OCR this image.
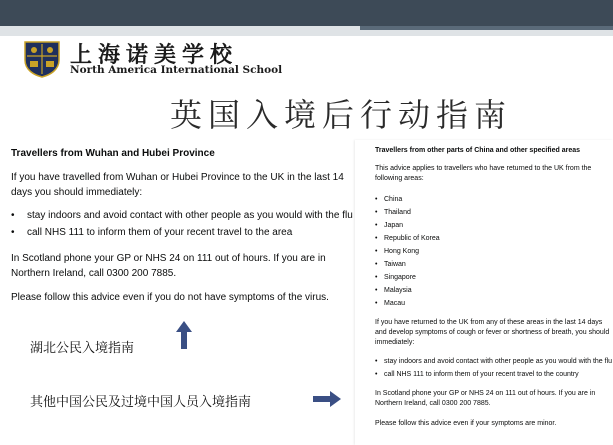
上海诺美学校
North America International School
英国入境后行动指南
Travellers from Wuhan and Hubei Province
If you have travelled from Wuhan or Hubei Province to the UK in the last 14 days you should immediately:
• stay indoors and avoid contact with other people as you would with the flu
• call NHS 111 to inform them of your recent travel to the area
In Scotland phone your GP or NHS 24 on 111 out of hours. If you are in Northern Ireland, call 0300 200 7885.
Please follow this advice even if you do not have symptoms of the virus.
Travellers from other parts of China and other specified areas
This advice applies to travellers who have returned to the UK from the following areas:
• China
• Thailand
• Japan
• Republic of Korea
• Hong Kong
• Taiwan
• Singapore
• Malaysia
• Macau
If you have returned to the UK from any of these areas in the last 14 days and develop symptoms of cough or fever or shortness of breath, you should immediately:
• stay indoors and avoid contact with other people as you would with the flu
• call NHS 111 to inform them of your recent travel to the country
In Scotland phone your GP or NHS 24 on 111 out of hours. If you are in Northern Ireland, call 0300 200 7885.
Please follow this advice even if your symptoms are minor.
湖北公民入境指南
其他中国公民及过境中国人员入境指南
